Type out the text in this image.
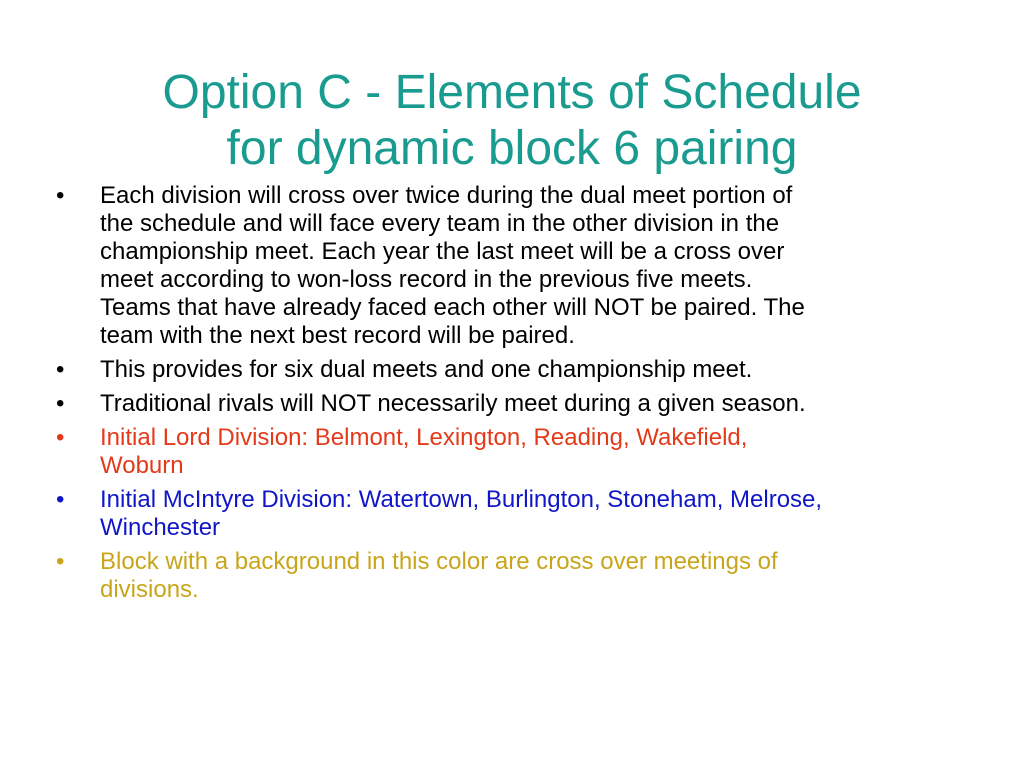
Option C - Elements of Schedule
for dynamic block 6 pairing
•	Each division will cross over twice during the dual meet portion of
the schedule and will face every team in the other division in the
championship meet. Each year the last meet will be a cross over
meet according to won-loss record in the previous five meets.
Teams that have already faced each other will NOT be paired. The
team with the next best record will be paired.
•	This provides for six dual meets and one championship meet.
•	Traditional rivals will NOT necessarily meet during a given season.
•	Initial Lord Division: Belmont, Lexington, Reading, Wakefield,
Woburn
•	Initial McIntyre Division: Watertown, Burlington, Stoneham, Melrose,
Winchester
•	Block with a background in this color are cross over meetings of
divisions.
